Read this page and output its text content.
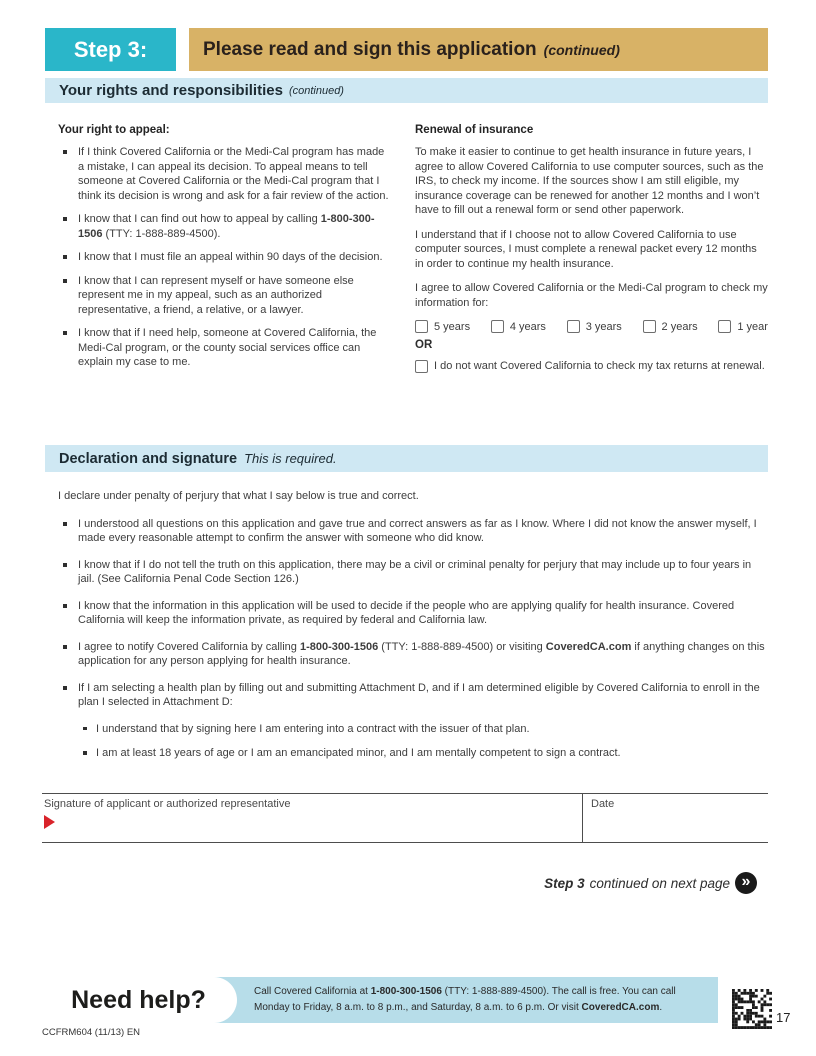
Step 3:	Please read and sign this application (continued)
Your rights and responsibilities (continued)
Your right to appeal:
If I think Covered California or the Medi-Cal program has made a mistake, I can appeal its decision. To appeal means to tell someone at Covered California or the Medi-Cal program that I think its decision is wrong and ask for a fair review of the action.
I know that I can find out how to appeal by calling 1-800-300-1506 (TTY: 1-888-889-4500).
I know that I must file an appeal within 90 days of the decision.
I know that I can represent myself or have someone else represent me in my appeal, such as an authorized representative, a friend, a relative, or a lawyer.
I know that if I need help, someone at Covered California, the Medi-Cal program, or the county social services office can explain my case to me.
Renewal of insurance

To make it easier to continue to get health insurance in future years, I agree to allow Covered California to use computer sources, such as the IRS, to check my income. If the sources show I am still eligible, my insurance coverage can be renewed for another 12 months and I won’t have to fill out a renewal form or send other paperwork.

I understand that if I choose not to allow Covered California to use computer sources, I must complete a renewal packet every 12 months in order to continue my health insurance.

I agree to allow Covered California or the Medi-Cal program to check my information for:

5 years	4 years	3 years	2 years	1 year
OR
I do not want Covered California to check my tax returns at renewal.
Declaration and signature This is required.

I declare under penalty of perjury that what I say below is true and correct.

I understood all questions on this application and gave true and correct answers as far as I know. Where I did not know the answer myself, I made every reasonable attempt to confirm the answer with someone who did know.
I know that if I do not tell the truth on this application, there may be a civil or criminal penalty for perjury that may include up to four years in jail. (See California Penal Code Section 126.)
I know that the information in this application will be used to decide if the people who are applying qualify for health insurance. Covered California will keep the information private, as required by federal and California law.
I agree to notify Covered California by calling 1-800-300-1506 (TTY: 1-888-889-4500) or visiting CoveredCA.com if anything changes on this application for any person applying for health insurance.
If I am selecting a health plan by filling out and submitting Attachment D, and if I am determined eligible by Covered California to enroll in the plan I selected in Attachment D:
I understand that by signing here I am entering into a contract with the issuer of that plan.
I am at least 18 years of age or I am an emancipated minor, and I am mentally competent to sign a contract.
Signature of applicant or authorized representative	Date
Step 3 continued on next page
»
Need help?	Call Covered California at 1-800-300-1506 (TTY: 1-888-889-4500). The call is free. You can call
Monday to Friday, 8 a.m. to 8 p.m., and Saturday, 8 a.m. to 6 p.m. Or visit CoveredCA.com.
CCFRM604 (11/13) EN
17
